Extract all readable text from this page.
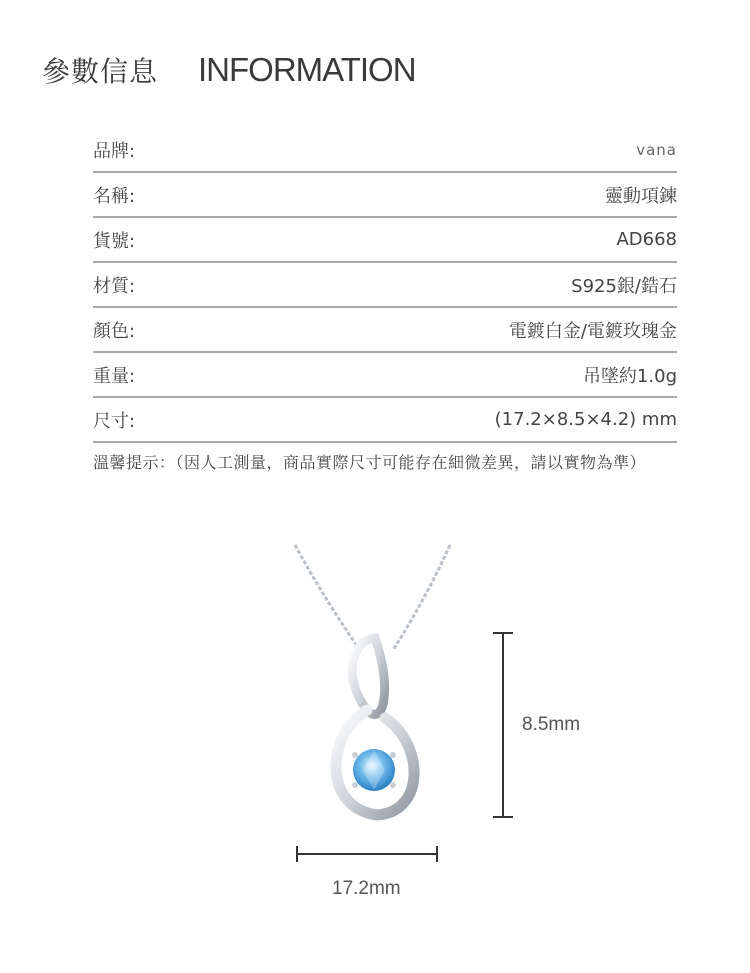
參數信息 INFORMATION
品牌:	vana
名稱:	靈動項鍊
貨號:	AD668
材質:	S925銀/鋯石
顏色:	電鍍白金/電鍍玫瑰金
重量:	吊墜約1.0g
尺寸:	(17.2×8.5×4.2) mm
溫馨提示：（因人工測量，商品實際尺寸可能存在細微差異，請以實物為準）
8.5mm
17.2mm
